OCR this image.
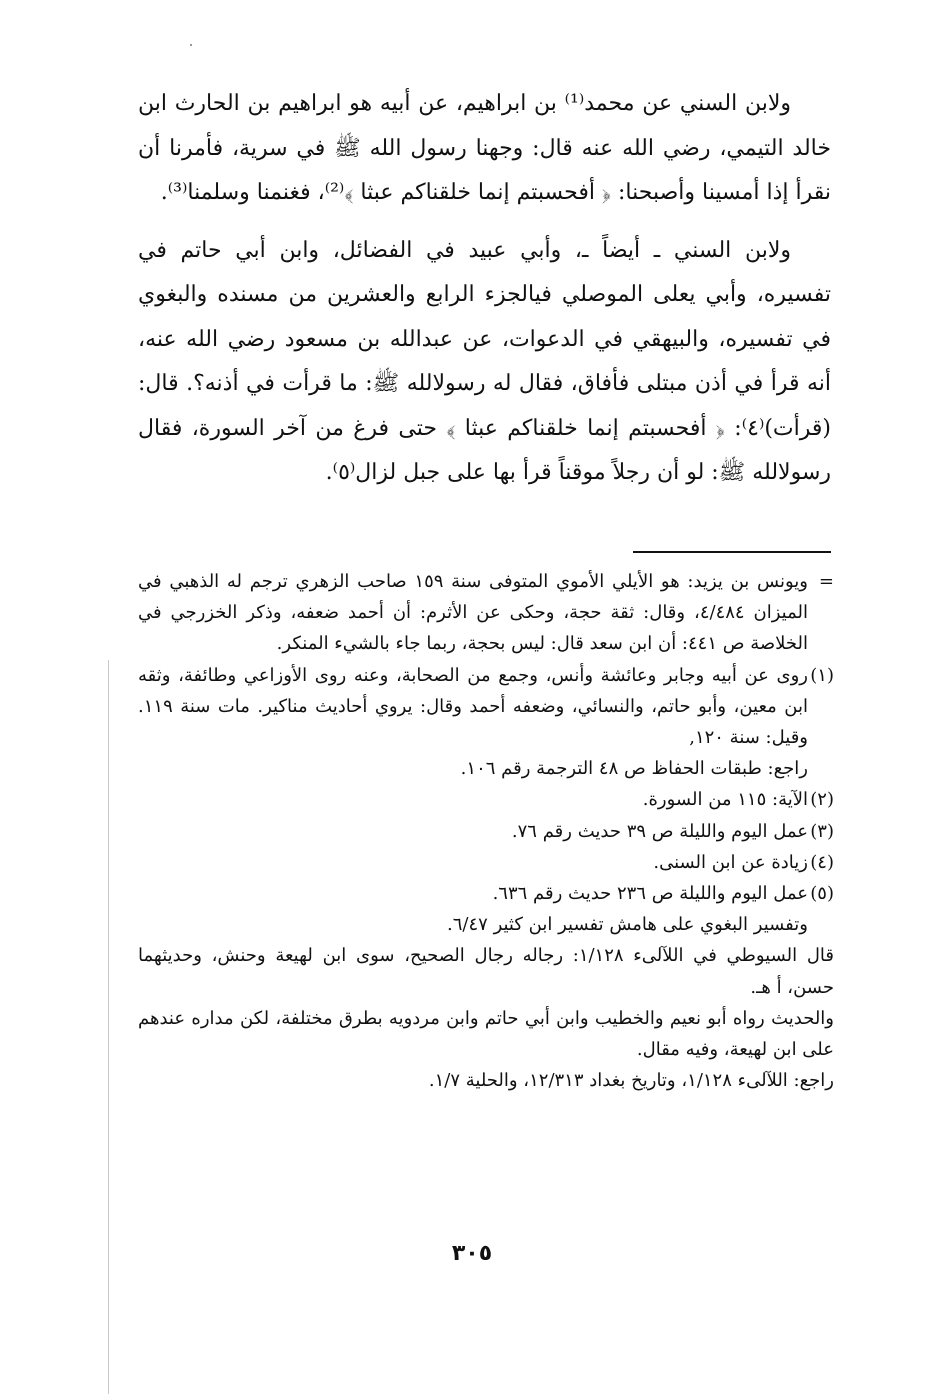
ولابن السني عن محمد⁽¹⁾ بن ابراهيم، عن أبيه هو ابراهيم بن الحارث ابن خالد التيمي، رضي الله عنه قال: وجهنا رسول الله ﷺ في سرية، فأمرنا أن نقرأ إذا أمسينا وأصبحنا: ﴿ أفحسبتم إنما خلقناكم عبثا ﴾⁽²⁾، فغنمنا وسلمنا⁽³⁾.

ولابن السني ـ أيضاً ـ، وأبي عبيد في الفضائل، وابن أبي حاتم في تفسيره، وأبي يعلى الموصلي فيالجزء الرابع والعشرين من مسنده والبغوي في تفسيره، والبيهقي في الدعوات، عن عبدالله بن مسعود رضي الله عنه، أنه قرأ في أذن مبتلى فأفاق، فقال له رسولالله ﷺ: ما قرأت في أذنه؟. قال: (قرأت)⁽٤⁾: ﴿ أفحسبتم إنما خلقناكم عبثا ﴾ حتى فرغ من آخر السورة، فقال رسولالله ﷺ: لو أن رجلاً موقناً قرأ بها على جبل لزال⁽٥⁾.

=
ويونس بن يزيد: هو الأيلي الأموي المتوفى سنة ١٥٩ صاحب الزهري ترجم له الذهبي في الميزان ٤/٤٨٤، وقال: ثقة حجة، وحكى عن الأثرم: أن أحمد ضعفه، وذكر الخزرجي في الخلاصة ص ٤٤١: أن ابن سعد قال: ليس بحجة، ربما جاء بالشيء المنكر.
(١)
روى عن أبيه وجابر وعائشة وأنس، وجمع من الصحابة، وعنه روى الأوزاعي وطائفة، وثقه ابن معين، وأبو حاتم، والنسائي، وضعفه أحمد وقال: يروي أحاديث مناكير. مات سنة ١١٩. وقيل: سنة ١٢٠,
راجع: طبقات الحفاظ ص ٤٨ الترجمة رقم ١٠٦.
(٢)
الآية: ١١٥ من السورة.
(٣)
عمل اليوم والليلة ص ٣٩ حديث رقم ٧٦.
(٤)
زيادة عن ابن السنى.
(٥)
عمل اليوم والليلة ص ٢٣٦ حديث رقم ٦٣٦.
وتفسير البغوي على هامش تفسير ابن كثير ٦/٤٧.
قال السيوطي في اللآلىء ١/١٢٨: رجاله رجال الصحيح، سوى ابن لهيعة وحنش، وحديثهما حسن، أ هـ.
والحديث رواه أبو نعيم والخطيب وابن أبي حاتم وابن مردويه بطرق مختلفة، لكن مداره عندهم على ابن لهيعة، وفيه مقال.
راجع: اللآلىء ١/١٢٨، وتاريخ بغداد ١٢/٣١٣، والحلية ١/٧.
٣٠٥
